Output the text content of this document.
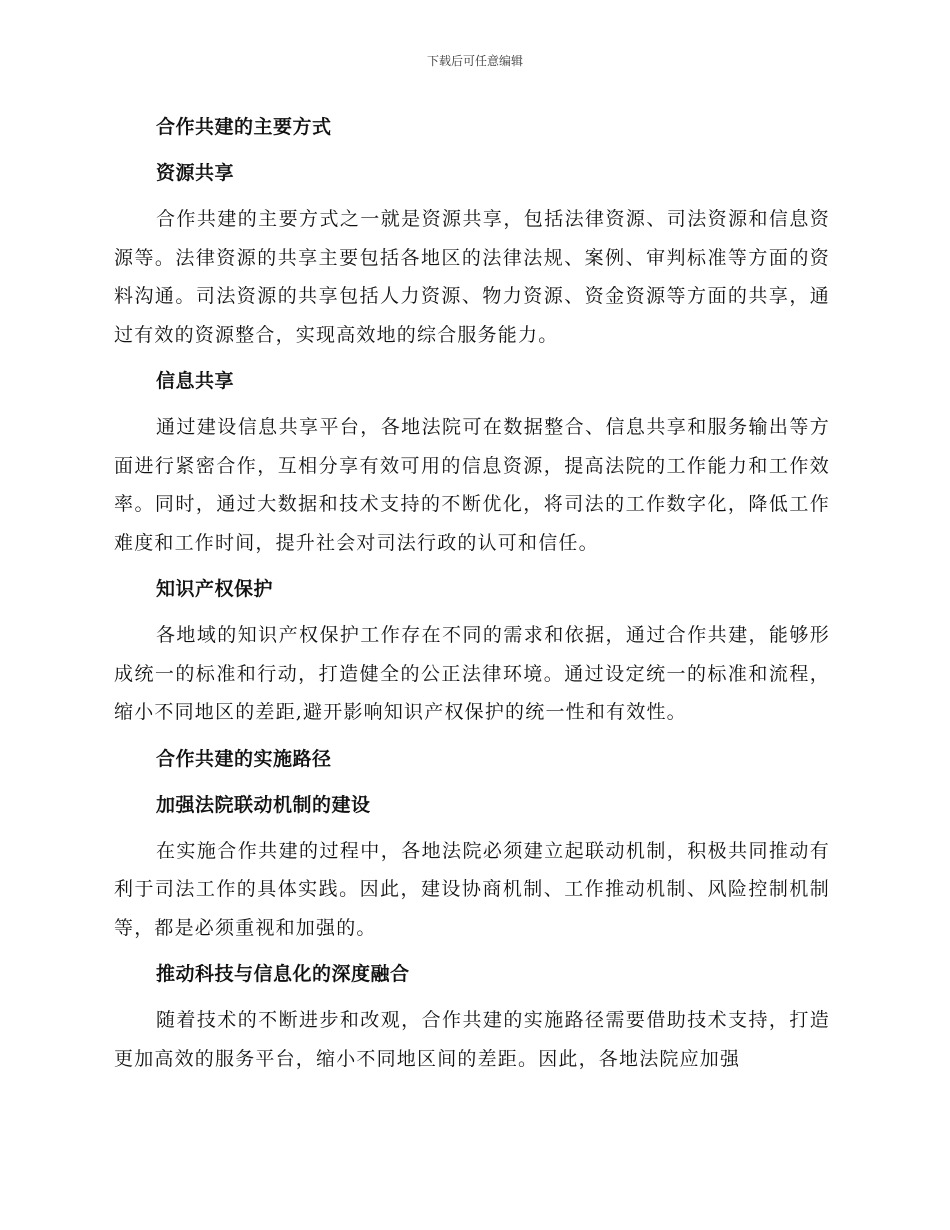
下载后可任意编辑
合作共建的主要方式
资源共享

合作共建的主要方式之一就是资源共享，包括法律资源、司法资源和信息资源等。法律资源的共享主要包括各地区的法律法规、案例、审判标准等方面的资料沟通。司法资源的共享包括人力资源、物力资源、资金资源等方面的共享，通过有效的资源整合，实现高效地的综合服务能力。

信息共享

通过建设信息共享平台，各地法院可在数据整合、信息共享和服务输出等方面进行紧密合作，互相分享有效可用的信息资源，提高法院的工作能力和工作效率。同时，通过大数据和技术支持的不断优化，将司法的工作数字化，降低工作难度和工作时间，提升社会对司法行政的认可和信任。

知识产权保护

各地域的知识产权保护工作存在不同的需求和依据，通过合作共建，能够形成统一的标准和行动，打造健全的公正法律环境。通过设定统一的标准和流程，缩小不同地区的差距,避开影响知识产权保护的统一性和有效性。

合作共建的实施路径
加强法院联动机制的建设

在实施合作共建的过程中，各地法院必须建立起联动机制，积极共同推动有利于司法工作的具体实践。因此，建设协商机制、工作推动机制、风险控制机制等，都是必须重视和加强的。

推动科技与信息化的深度融合

随着技术的不断进步和改观，合作共建的实施路径需要借助技术支持，打造更加高效的服务平台，缩小不同地区间的差距。因此，各地法院应加强
